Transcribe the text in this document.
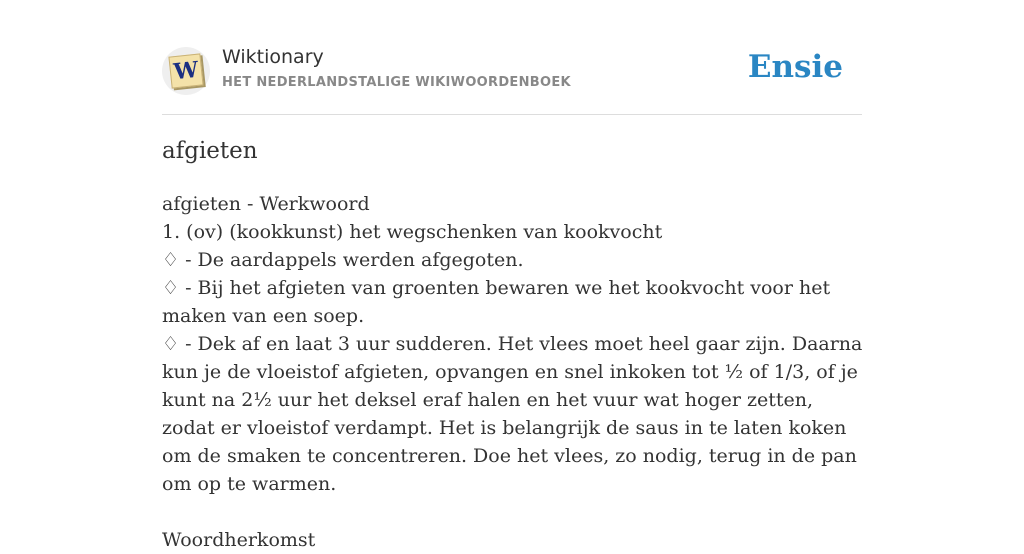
W Wiktionary
HET NEDERLANDSTALIGE WIKIWOORDENBOEK	Ensie
afgieten

afgieten - Werkwoord

1. (ov) (kookkunst) het wegschenken van kookvocht

♢ - De aardappels werden afgegoten.

♢ - Bij het afgieten van groenten bewaren we het kookvocht voor het maken van een soep.

♢ - Dek af en laat 3 uur sudderen. Het vlees moet heel gaar zijn. Daarna kun je de vloeistof afgieten, opvangen en snel inkoken tot ½ of 1/3, of je kunt na 2½ uur het deksel eraf halen en het vuur wat hoger zetten, zodat er vloeistof verdampt. Het is belangrijk de saus in te laten koken om de smaken te concentreren. Doe het vlees, zo nodig, terug in de pan om op te warmen.

Woordherkomst
